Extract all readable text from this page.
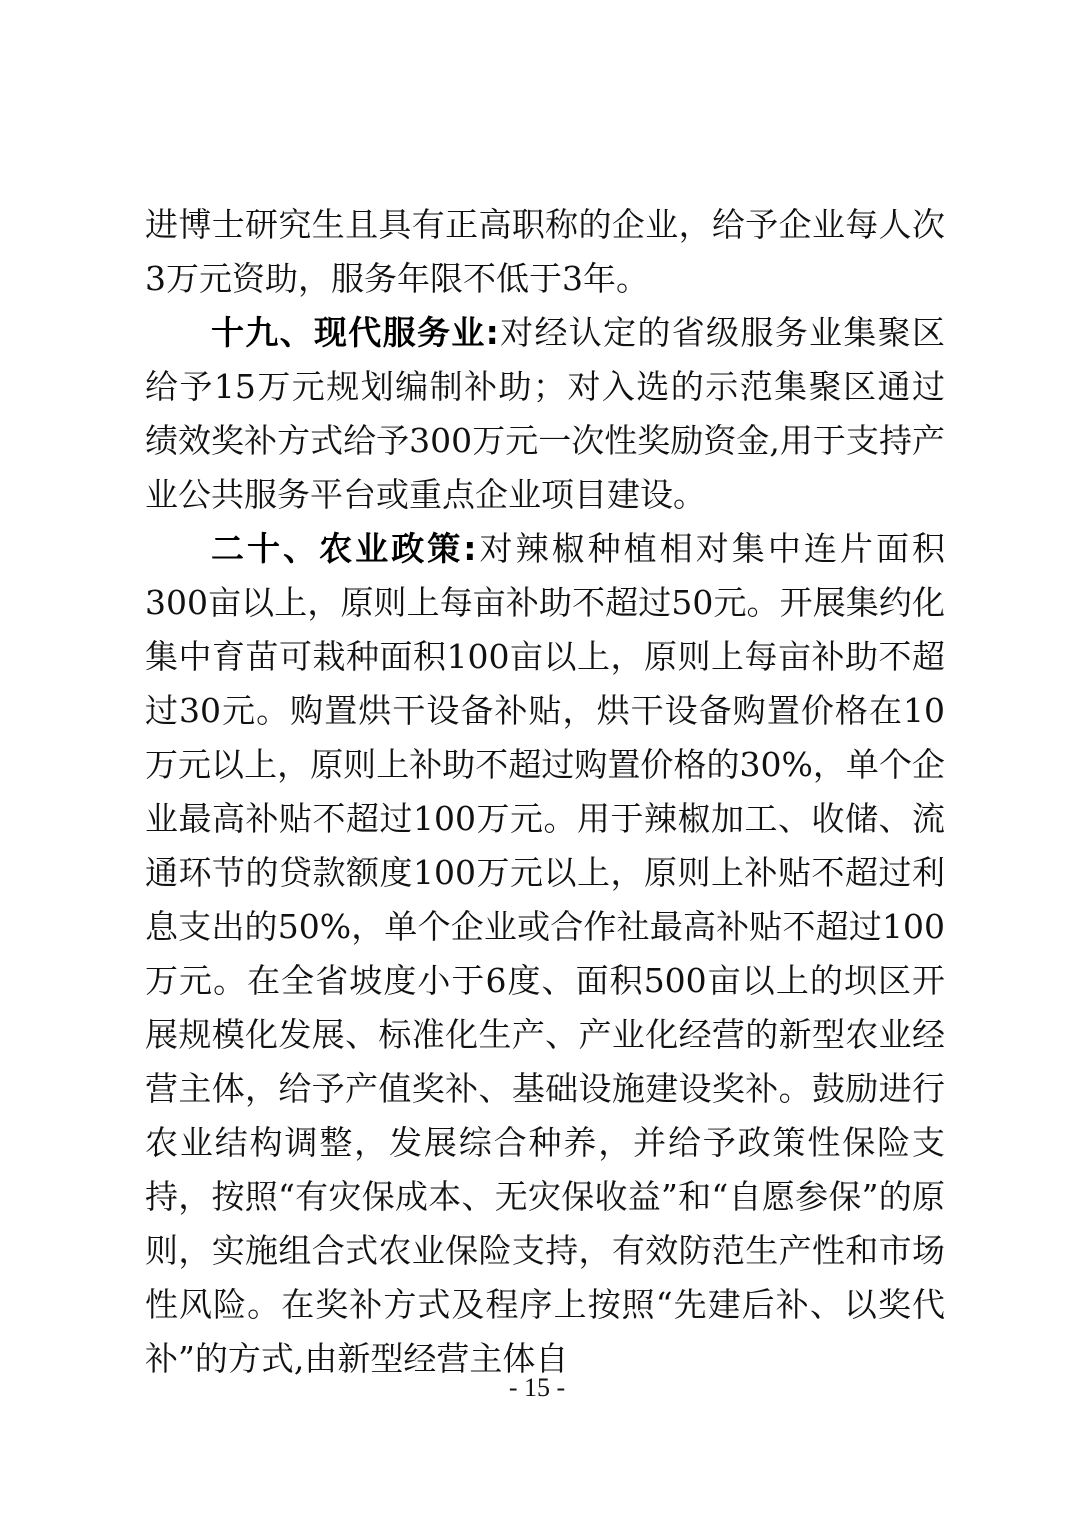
进博士研究生且具有正高职称的企业，给予企业每人次3万元资助，服务年限不低于3年。

十九、现代服务业:对经认定的省级服务业集聚区给予15万元规划编制补助；对入选的示范集聚区通过绩效奖补方式给予300万元一次性奖励资金,用于支持产业公共服务平台或重点企业项目建设。

二十、农业政策:对辣椒种植相对集中连片面积300亩以上，原则上每亩补助不超过50元。开展集约化集中育苗可栽种面积100亩以上，原则上每亩补助不超过30元。购置烘干设备补贴，烘干设备购置价格在10万元以上，原则上补助不超过购置价格的30%，单个企业最高补贴不超过100万元。用于辣椒加工、收储、流通环节的贷款额度100万元以上，原则上补贴不超过利息支出的50%，单个企业或合作社最高补贴不超过100万元。在全省坡度小于6度、面积500亩以上的坝区开展规模化发展、标准化生产、产业化经营的新型农业经营主体，给予产值奖补、基础设施建设奖补。鼓励进行农业结构调整，发展综合种养，并给予政策性保险支持，按照“有灾保成本、无灾保收益”和“自愿参保”的原则，实施组合式农业保险支持，有效防范生产性和市场性风险。在奖补方式及程序上按照“先建后补、以奖代补”的方式,由新型经营主体自

- 15 -
